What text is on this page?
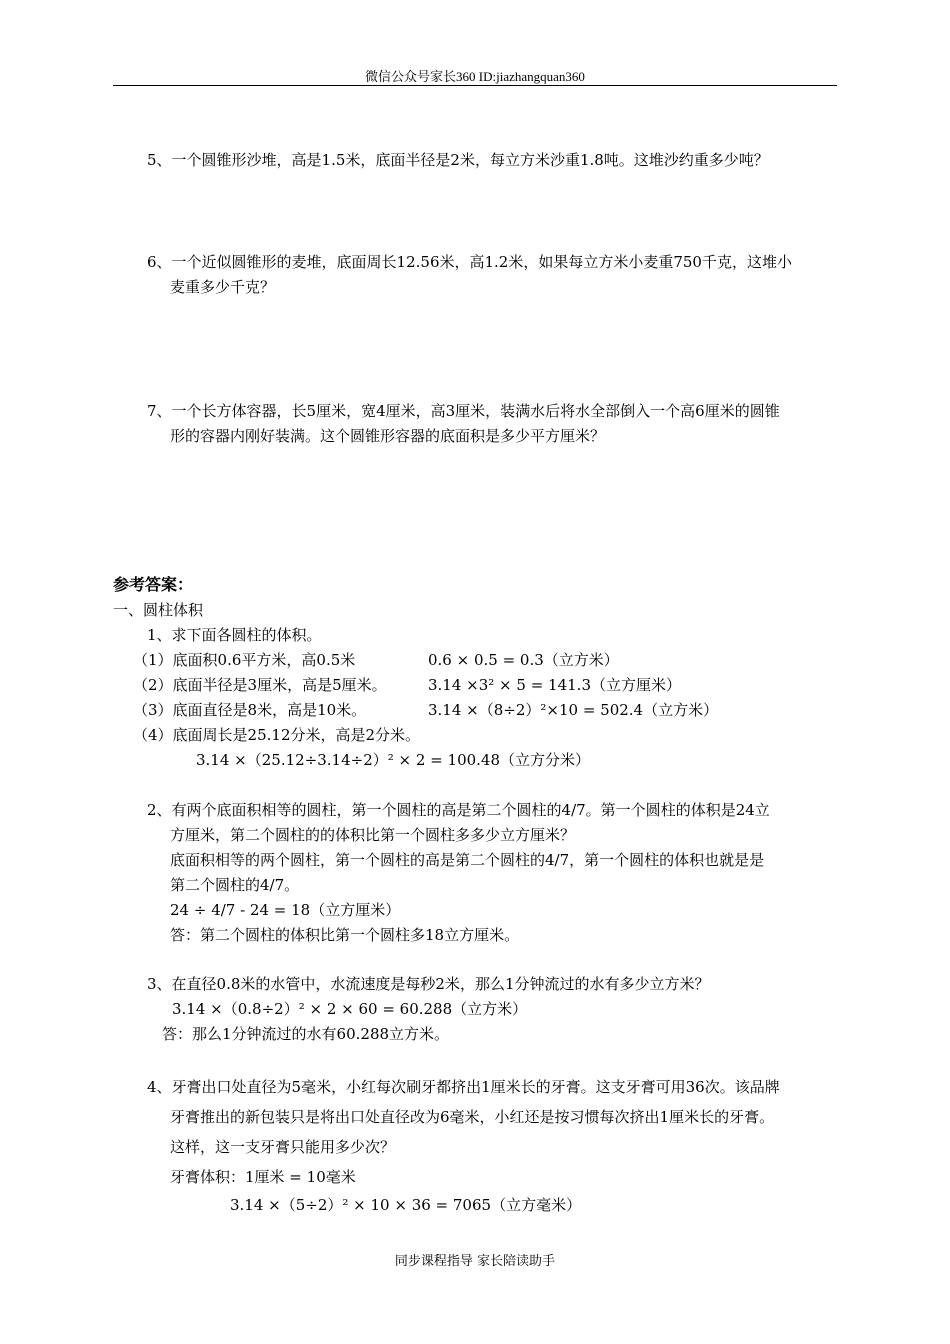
微信公众号家长360 ID:jiazhangquan360
5、一个圆锥形沙堆，高是1.5米，底面半径是2米，每立方米沙重1.8吨。这堆沙约重多少吨？
6、一个近似圆锥形的麦堆，底面周长12.56米，高1.2米，如果每立方米小麦重750千克，这堆小
麦重多少千克？
7、一个长方体容器，长5厘米，宽4厘米，高3厘米，装满水后将水全部倒入一个高6厘米的圆锥
形的容器内刚好装满。这个圆锥形容器的底面积是多少平方厘米？
参考答案：
一、圆柱体积
1、求下面各圆柱的体积。
（1）底面积0.6平方米，高0.5米	0.6 × 0.5 = 0.3（立方米）
（2）底面半径是3厘米，高是5厘米。	3.14 ×3² × 5 = 141.3（立方厘米）
（3）底面直径是8米，高是10米。	3.14 ×（8÷2）²×10 = 502.4（立方米）
（4）底面周长是25.12分米，高是2分米。
3.14 ×（25.12÷3.14÷2）² × 2 = 100.48（立方分米）
2、有两个底面积相等的圆柱，第一个圆柱的高是第二个圆柱的4/7。第一个圆柱的体积是24立
方厘米，第二个圆柱的的体积比第一个圆柱多多少立方厘米？
底面积相等的两个圆柱，第一个圆柱的高是第二个圆柱的4/7，第一个圆柱的体积也就是是
第二个圆柱的4/7。
24 ÷ 4/7 - 24 = 18（立方厘米）
答：第二个圆柱的体积比第一个圆柱多18立方厘米。
3、在直径0.8米的水管中，水流速度是每秒2米，那么1分钟流过的水有多少立方米？
3.14 ×（0.8÷2）² × 2 × 60 = 60.288（立方米）
答：那么1分钟流过的水有60.288立方米。
4、牙膏出口处直径为5毫米，小红每次刷牙都挤出1厘米长的牙膏。这支牙膏可用36次。该品牌
牙膏推出的新包装只是将出口处直径改为6毫米，小红还是按习惯每次挤出1厘米长的牙膏。
这样，这一支牙膏只能用多少次？
牙膏体积：1厘米 = 10毫米
3.14 ×（5÷2）² × 10 × 36 = 7065（立方毫米）
同步课程指导 家长陪读助手
